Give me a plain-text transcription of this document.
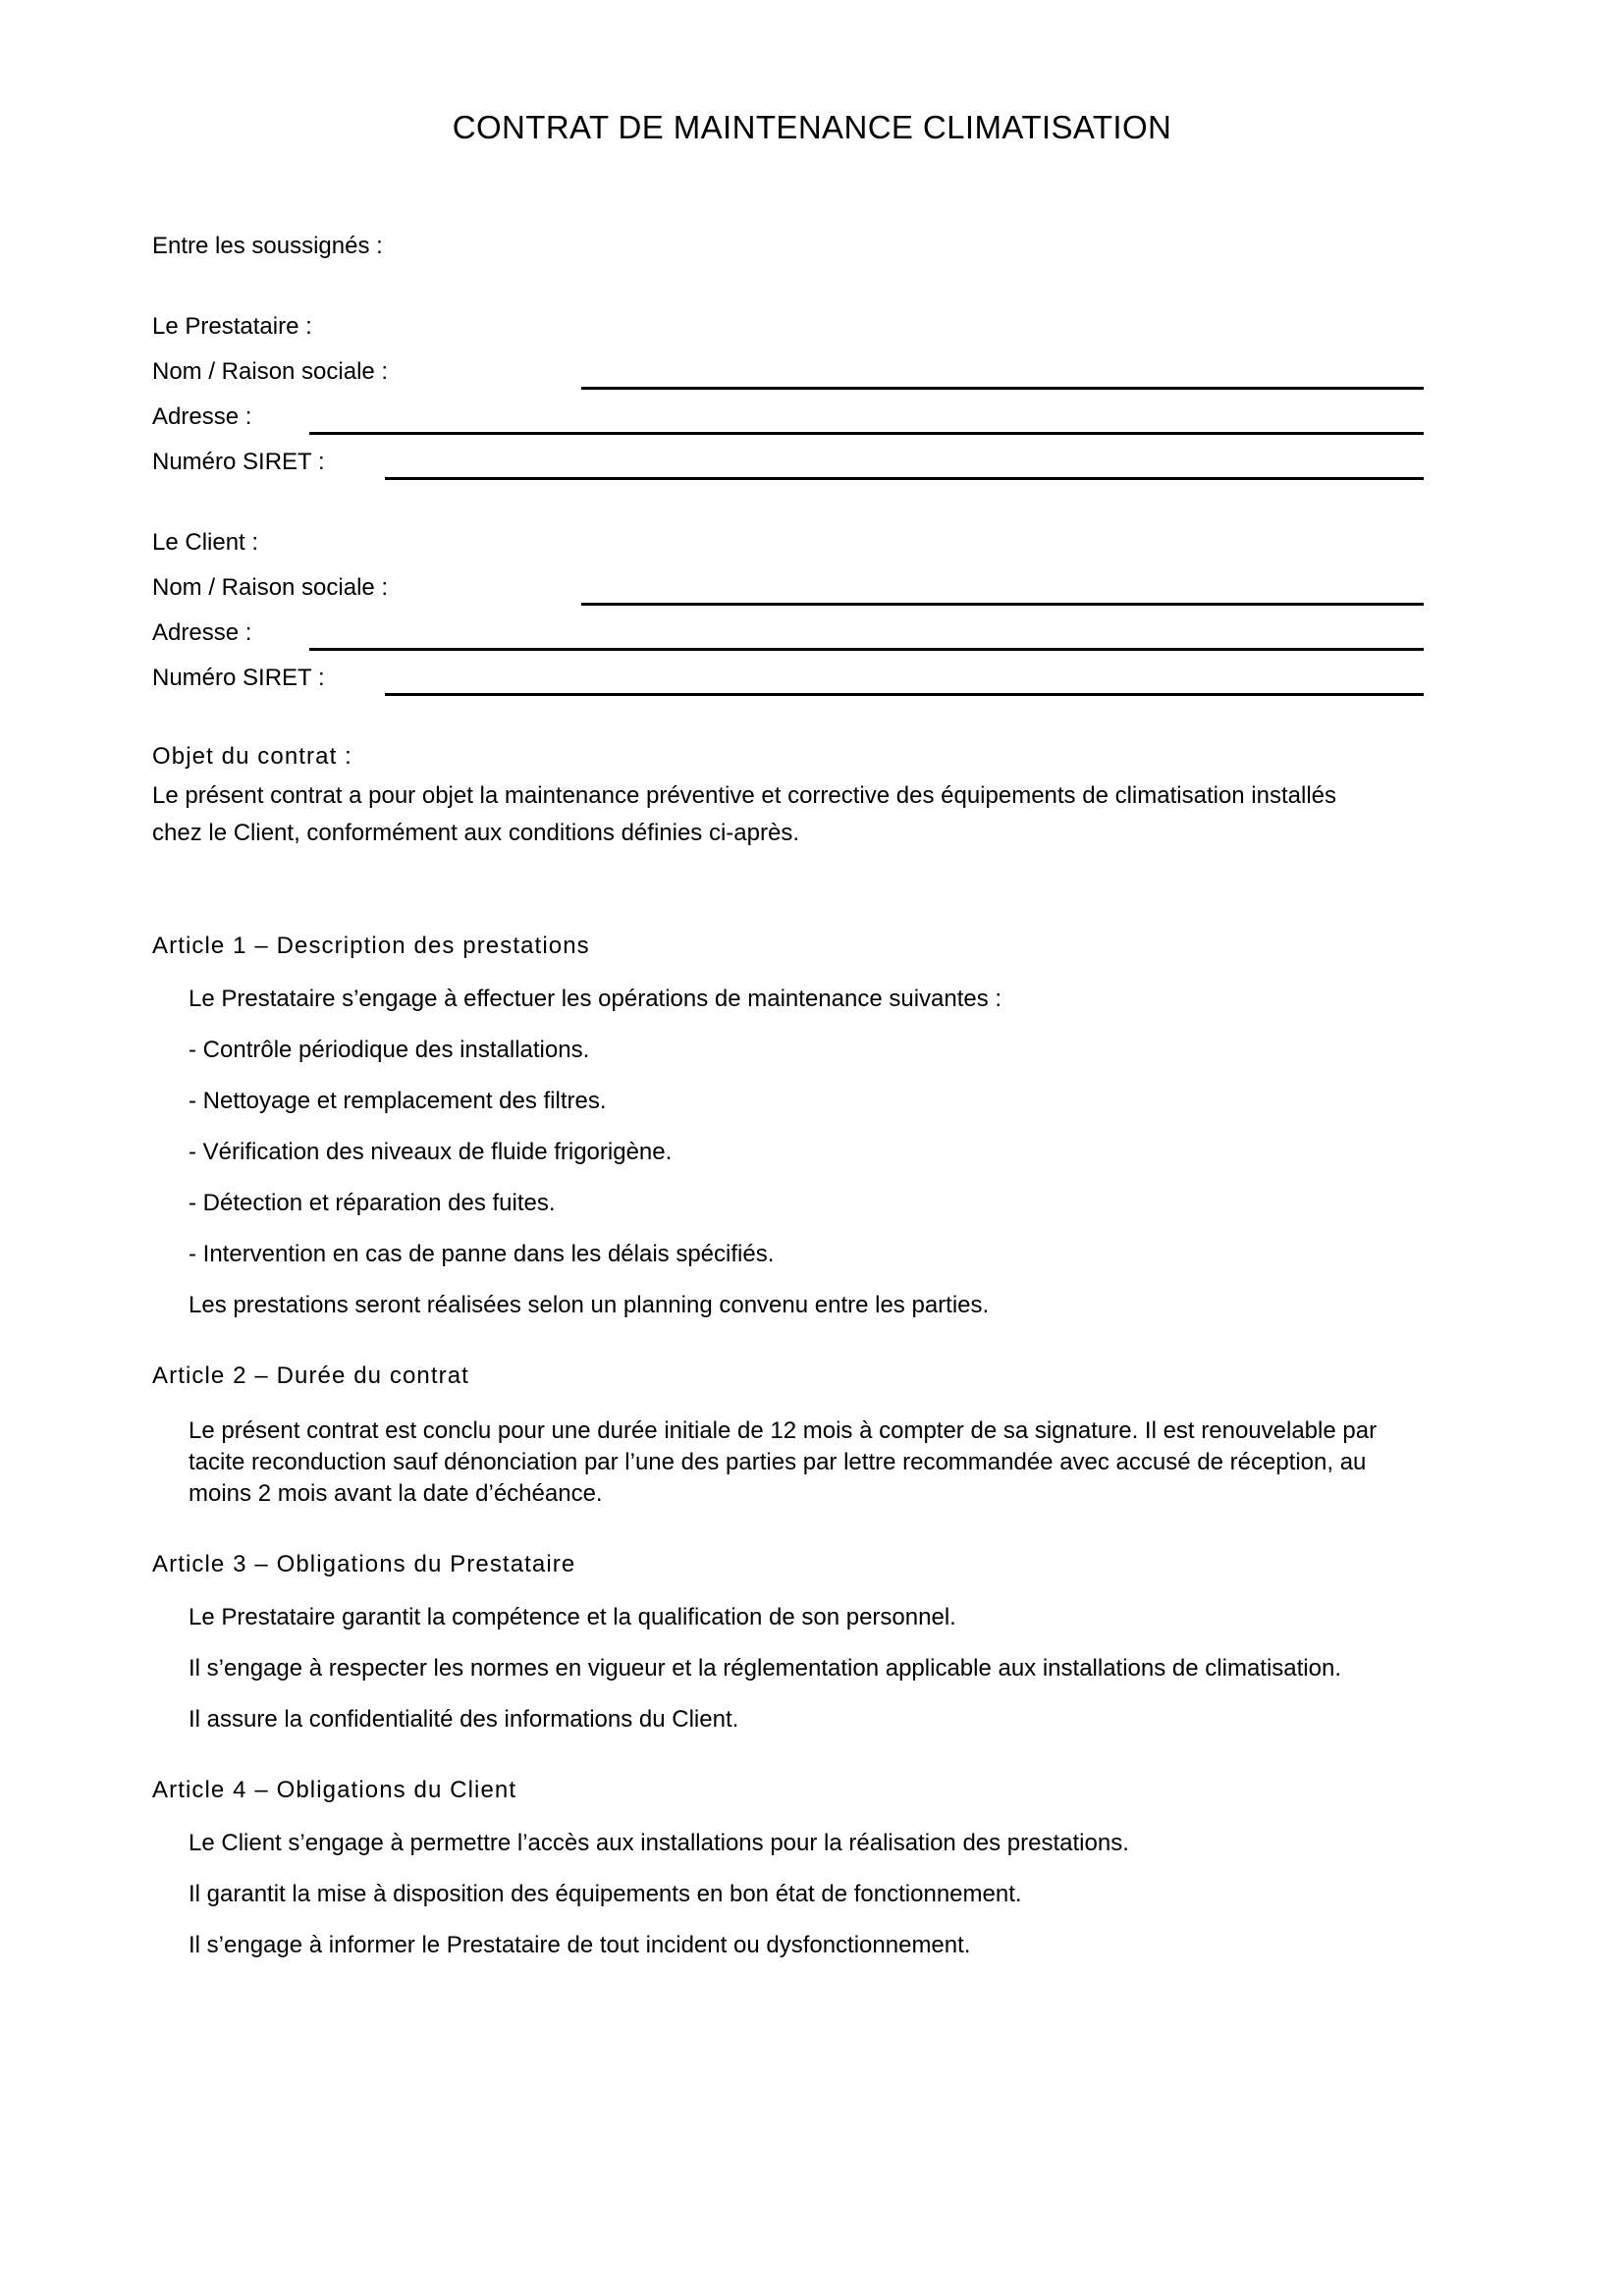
CONTRAT DE MAINTENANCE CLIMATISATION
Entre les soussignés :
Le Prestataire :
Nom / Raison sociale :
Adresse :
Numéro SIRET :
Le Client :
Nom / Raison sociale :
Adresse :
Numéro SIRET :
Objet du contrat :
Le présent contrat a pour objet la maintenance préventive et corrective des équipements de climatisation installés chez le Client, conformément aux conditions définies ci-après.
Article 1 – Description des prestations
Le Prestataire s’engage à effectuer les opérations de maintenance suivantes :
- Contrôle périodique des installations.
- Nettoyage et remplacement des filtres.
- Vérification des niveaux de fluide frigorigène.
- Détection et réparation des fuites.
- Intervention en cas de panne dans les délais spécifiés.
Les prestations seront réalisées selon un planning convenu entre les parties.
Article 2 – Durée du contrat
Le présent contrat est conclu pour une durée initiale de 12 mois à compter de sa signature. Il est renouvelable par tacite reconduction sauf dénonciation par l’une des parties par lettre recommandée avec accusé de réception, au moins 2 mois avant la date d’échéance.
Article 3 – Obligations du Prestataire
Le Prestataire garantit la compétence et la qualification de son personnel.
Il s’engage à respecter les normes en vigueur et la réglementation applicable aux installations de climatisation.
Il assure la confidentialité des informations du Client.
Article 4 – Obligations du Client
Le Client s’engage à permettre l’accès aux installations pour la réalisation des prestations.
Il garantit la mise à disposition des équipements en bon état de fonctionnement.
Il s’engage à informer le Prestataire de tout incident ou dysfonctionnement.
